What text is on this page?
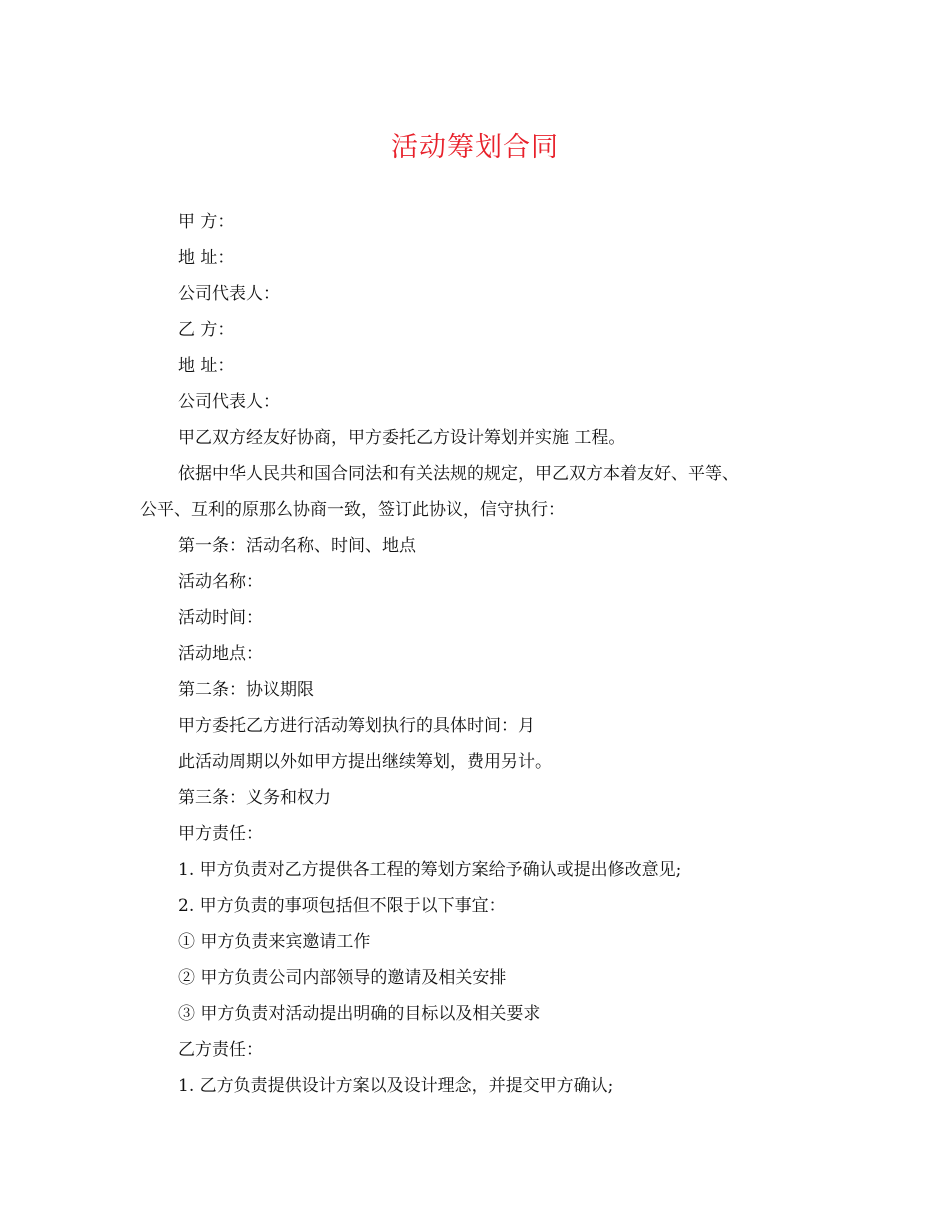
活动筹划合同
甲 方：
地 址：
公司代表人：
乙 方：
地 址：
公司代表人：
甲乙双方经友好协商，甲方委托乙方设计筹划并实施 工程。
依据中华人民共和国合同法和有关法规的规定，甲乙双方本着友好、平等、
公平、互利的原那么协商一致，签订此协议，信守执行：
第一条：活动名称、时间、地点
活动名称：
活动时间：
活动地点：
第二条：协议期限
甲方委托乙方进行活动筹划执行的具体时间：月
此活动周期以外如甲方提出继续筹划，费用另计。
第三条：义务和权力
甲方责任：
1. 甲方负责对乙方提供各工程的筹划方案给予确认或提出修改意见;
2. 甲方负责的事项包括但不限于以下事宜：
① 甲方负责来宾邀请工作
② 甲方负责公司内部领导的邀请及相关安排
③ 甲方负责对活动提出明确的目标以及相关要求
乙方责任：
1. 乙方负责提供设计方案以及设计理念，并提交甲方确认;
